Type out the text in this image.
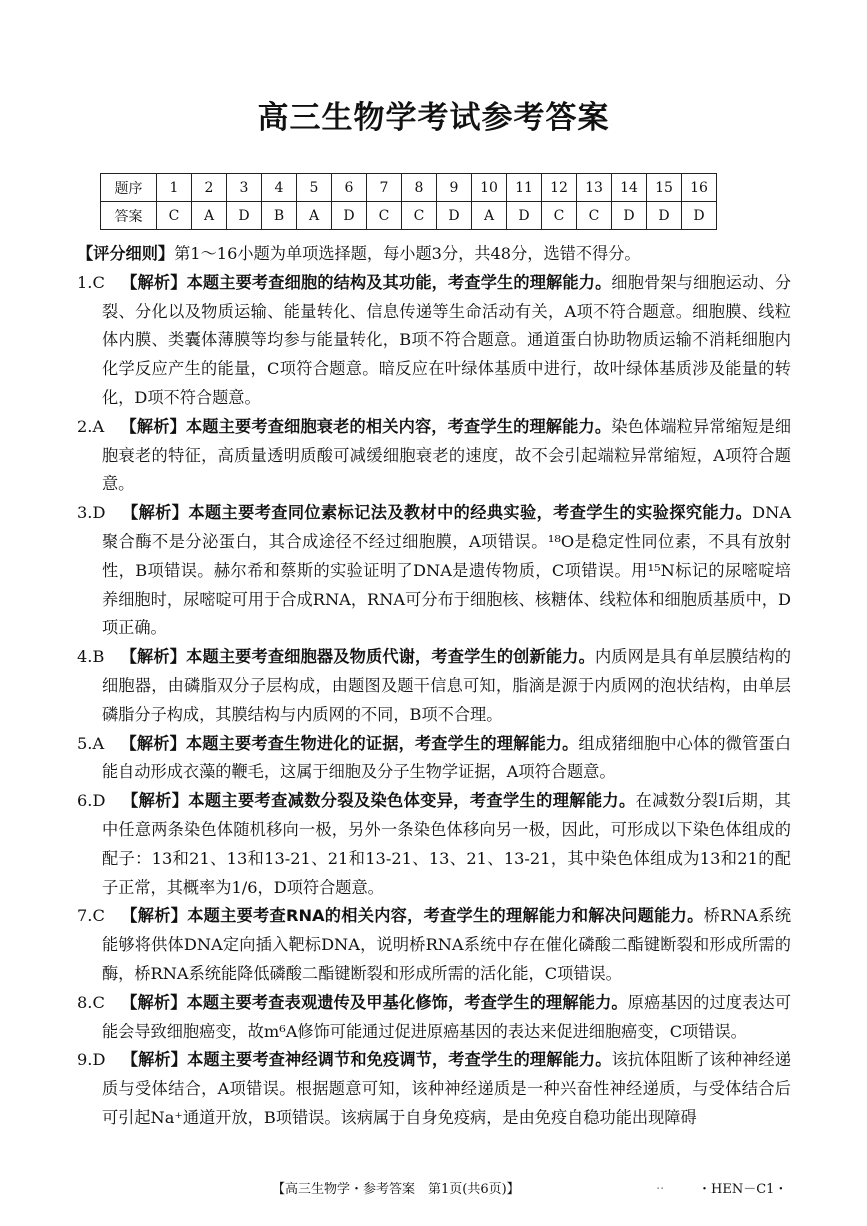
高三生物学考试参考答案
题序	1	2	3	4	5	6	7	8	9	10	11	12	13	14	15	16
答案	C	A	D	B	A	D	C	C	D	A	D	C	C	D	D	D

【评分细则】第1～16小题为单项选择题，每小题3分，共48分，选错不得分。

1.C  【解析】本题主要考查细胞的结构及其功能，考查学生的理解能力。细胞骨架与细胞运动、分裂、分化以及物质运输、能量转化、信息传递等生命活动有关，A项不符合题意。细胞膜、线粒体内膜、类囊体薄膜等均参与能量转化，B项不符合题意。通道蛋白协助物质运输不消耗细胞内化学反应产生的能量，C项符合题意。暗反应在叶绿体基质中进行，故叶绿体基质涉及能量的转化，D项不符合题意。

2.A  【解析】本题主要考查细胞衰老的相关内容，考查学生的理解能力。染色体端粒异常缩短是细胞衰老的特征，高质量透明质酸可减缓细胞衰老的速度，故不会引起端粒异常缩短，A项符合题意。

3.D  【解析】本题主要考查同位素标记法及教材中的经典实验，考查学生的实验探究能力。DNA聚合酶不是分泌蛋白，其合成途径不经过细胞膜，A项错误。¹⁸O是稳定性同位素，不具有放射性，B项错误。赫尔希和蔡斯的实验证明了DNA是遗传物质，C项错误。用¹⁵N标记的尿嘧啶培养细胞时，尿嘧啶可用于合成RNA，RNA可分布于细胞核、核糖体、线粒体和细胞质基质中，D项正确。

4.B  【解析】本题主要考查细胞器及物质代谢，考查学生的创新能力。内质网是具有单层膜结构的细胞器，由磷脂双分子层构成，由题图及题干信息可知，脂滴是源于内质网的泡状结构，由单层磷脂分子构成，其膜结构与内质网的不同，B项不合理。

5.A  【解析】本题主要考查生物进化的证据，考查学生的理解能力。组成猪细胞中心体的微管蛋白能自动形成衣藻的鞭毛，这属于细胞及分子生物学证据，A项符合题意。

6.D  【解析】本题主要考查减数分裂及染色体变异，考查学生的理解能力。在减数分裂Ⅰ后期，其中任意两条染色体随机移向一极，另外一条染色体移向另一极，因此，可形成以下染色体组成的配子：13和21、13和13-21、21和13-21、13、21、13-21，其中染色体组成为13和21的配子正常，其概率为1/6，D项符合题意。

7.C  【解析】本题主要考查RNA的相关内容，考查学生的理解能力和解决问题能力。桥RNA系统能够将供体DNA定向插入靶标DNA，说明桥RNA系统中存在催化磷酸二酯键断裂和形成所需的酶，桥RNA系统能降低磷酸二酯键断裂和形成所需的活化能，C项错误。

8.C  【解析】本题主要考查表观遗传及甲基化修饰，考查学生的理解能力。原癌基因的过度表达可能会导致细胞癌变，故m⁶A修饰可能通过促进原癌基因的表达来促进细胞癌变，C项错误。

9.D  【解析】本题主要考查神经调节和免疫调节，考查学生的理解能力。该抗体阻断了该种神经递质与受体结合，A项错误。根据题意可知，该种神经递质是一种兴奋性神经递质，与受体结合后可引起Na⁺通道开放，B项错误。该病属于自身免疫病，是由免疫自稳功能出现障碍

【高三生物学・参考答案　第1页(共6页)】	..	・HEN－C1・
